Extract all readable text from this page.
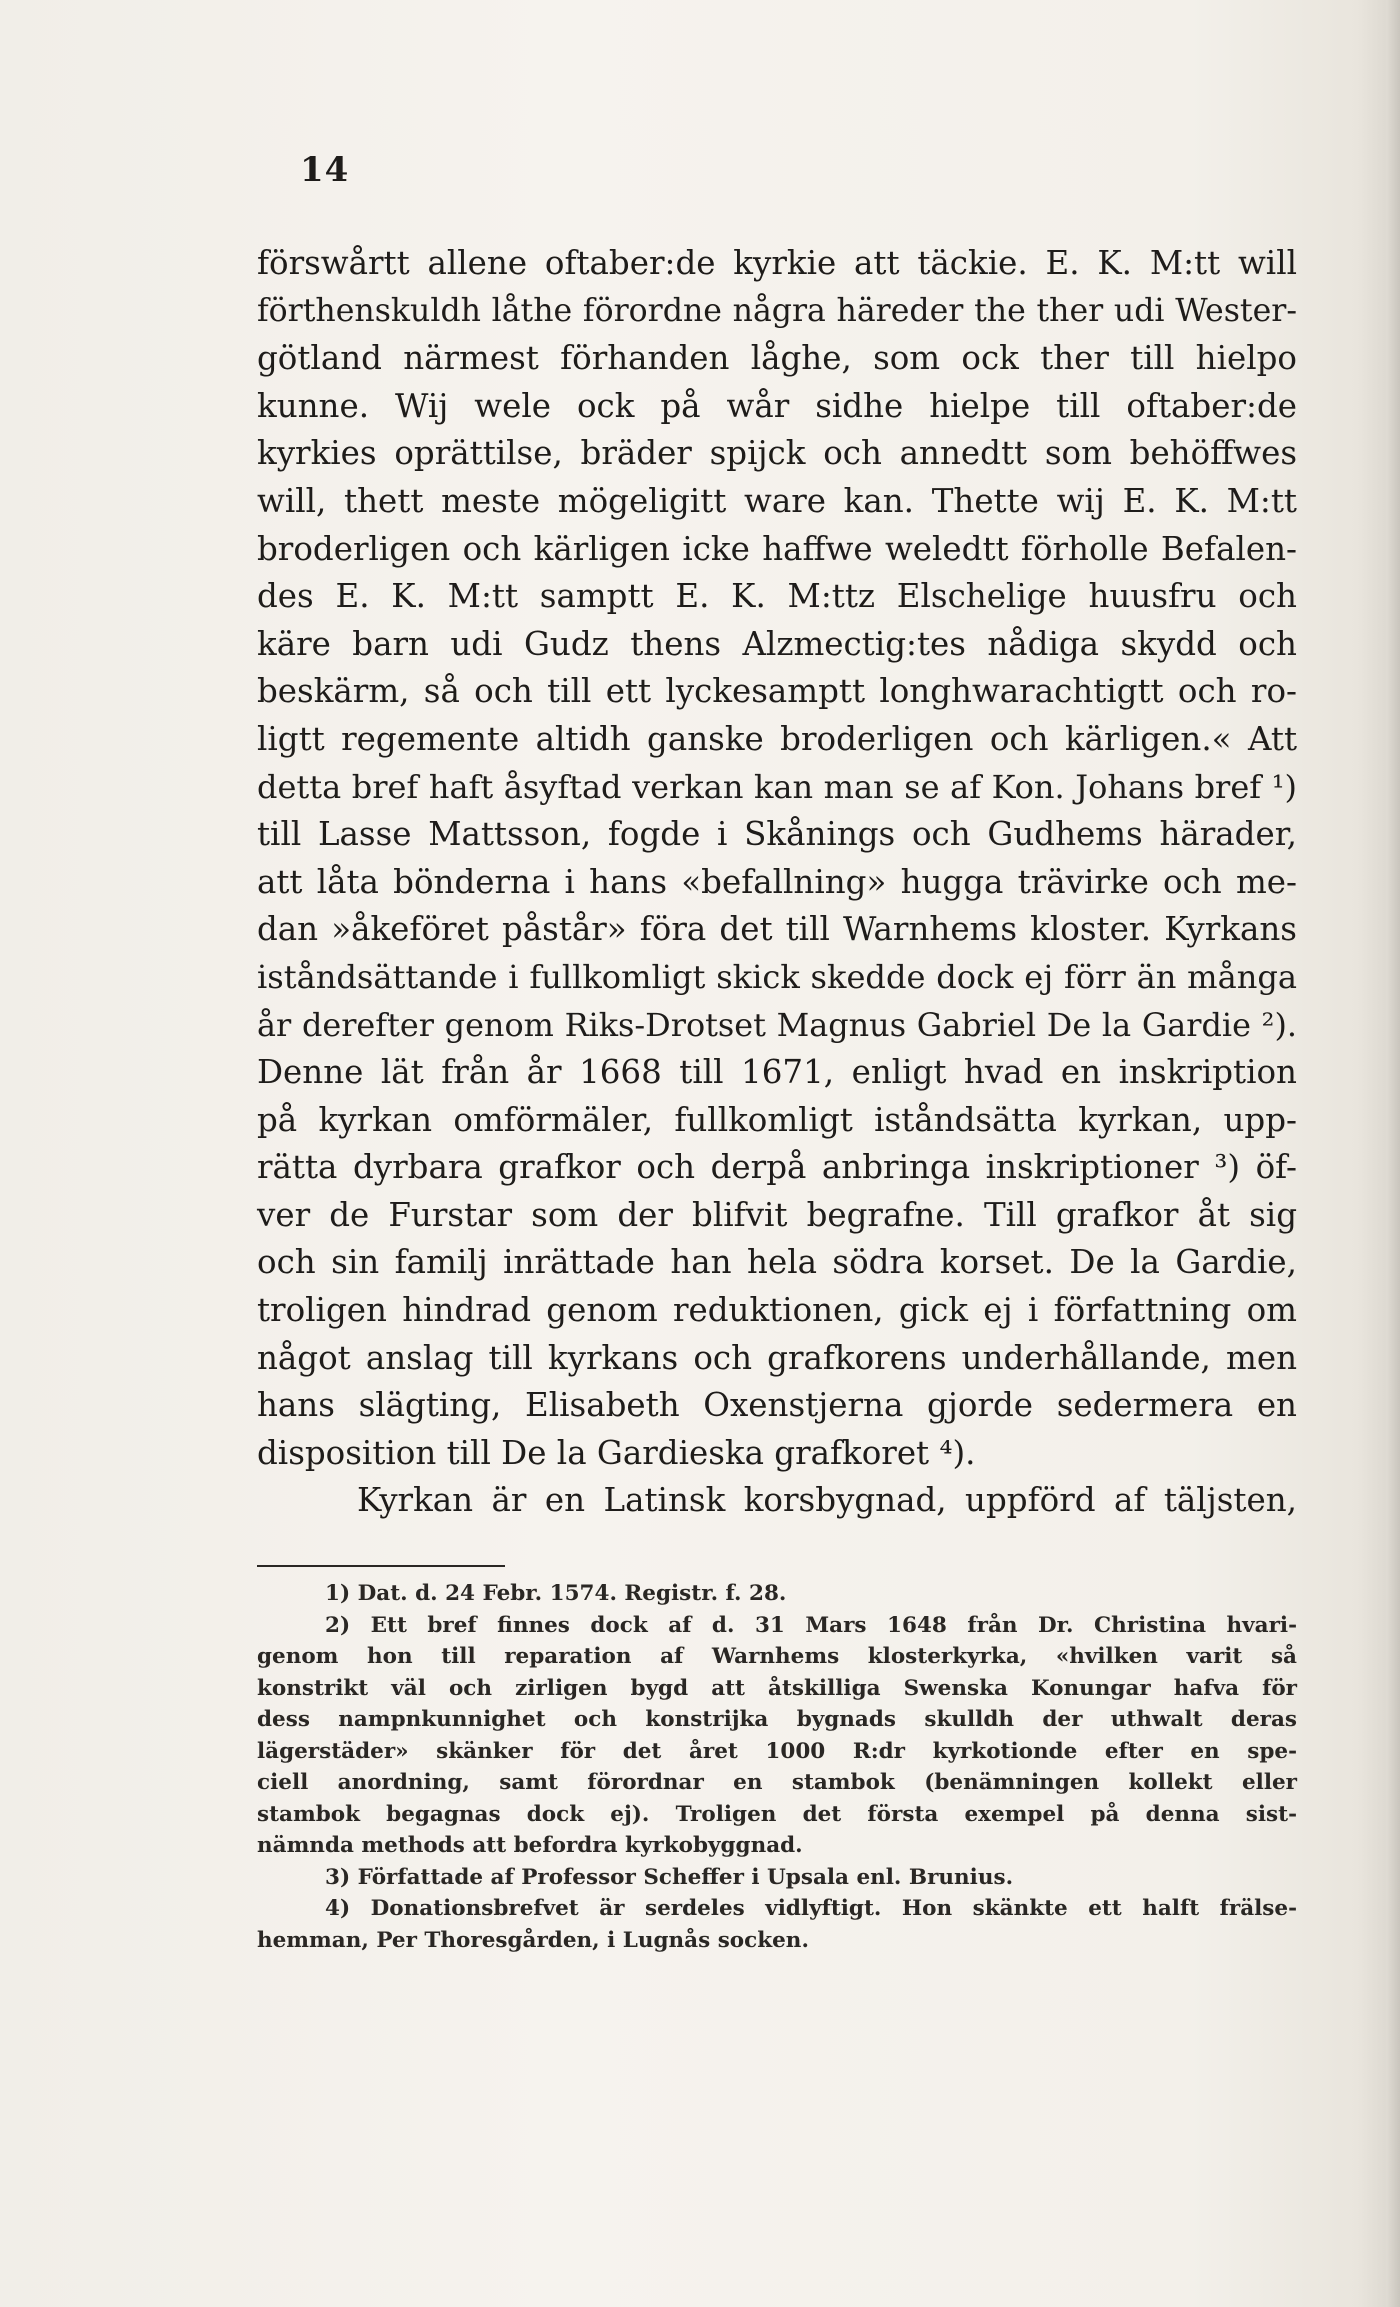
14
förswårtt allene oftaber:de kyrkie att täckie. E. K. M:tt will
förthenskuldh låthe förordne några häreder the ther udi Wester-
götland närmest förhanden låghe, som ock ther till hielpo
kunne. Wij wele ock på wår sidhe hielpe till oftaber:de
kyrkies oprättilse, bräder spijck och annedtt som behöffwes
will, thett meste mögeligitt ware kan. Thette wij E. K. M:tt
broderligen och kärligen icke haffwe weledtt förholle Befalen-
des E. K. M:tt samptt E. K. M:ttz Elschelige huusfru och
käre barn udi Gudz thens Alzmectig:tes nådiga skydd och
beskärm, så och till ett lyckesamptt longhwarachtigtt och ro-
ligtt regemente altidh ganske broderligen och kärligen.« Att
detta bref haft åsyftad verkan kan man se af Kon. Johans bref ¹)
till Lasse Mattsson, fogde i Skånings och Gudhems härader,
att låta bönderna i hans «befallning» hugga trävirke och me-
dan »åkeföret påstår» föra det till Warnhems kloster. Kyrkans
iståndsättande i fullkomligt skick skedde dock ej förr än många
år derefter genom Riks-Drotset Magnus Gabriel De la Gardie ²).
Denne lät från år 1668 till 1671, enligt hvad en inskription
på kyrkan omförmäler, fullkomligt iståndsätta kyrkan, upp-
rätta dyrbara grafkor och derpå anbringa inskriptioner ³) öf-
ver de Furstar som der blifvit begrafne. Till grafkor åt sig
och sin familj inrättade han hela södra korset. De la Gardie,
troligen hindrad genom reduktionen, gick ej i författning om
något anslag till kyrkans och grafkorens underhållande, men
hans slägting, Elisabeth Oxenstjerna gjorde sedermera en
disposition till De la Gardieska grafkoret ⁴).
Kyrkan är en Latinsk korsbygnad, uppförd af täljsten,
1) Dat. d. 24 Febr. 1574. Registr. f. 28.
2) Ett bref finnes dock af d. 31 Mars 1648 från Dr. Christina hvari-
genom hon till reparation af Warnhems klosterkyrka, «hvilken varit så
konstrikt väl och zirligen bygd att åtskilliga Swenska Konungar hafva för
dess nampnkunnighet och konstrijka bygnads skulldh der uthwalt deras
lägerstäder» skänker för det året 1000 R:dr kyrkotionde efter en spe-
ciell anordning, samt förordnar en stambok (benämningen kollekt eller
stambok begagnas dock ej). Troligen det första exempel på denna sist-
nämnda methods att befordra kyrkobyggnad.
3) Författade af Professor Scheffer i Upsala enl. Brunius.
4) Donationsbrefvet är serdeles vidlyftigt. Hon skänkte ett halft frälse-
hemman, Per Thoresgården, i Lugnås socken.
